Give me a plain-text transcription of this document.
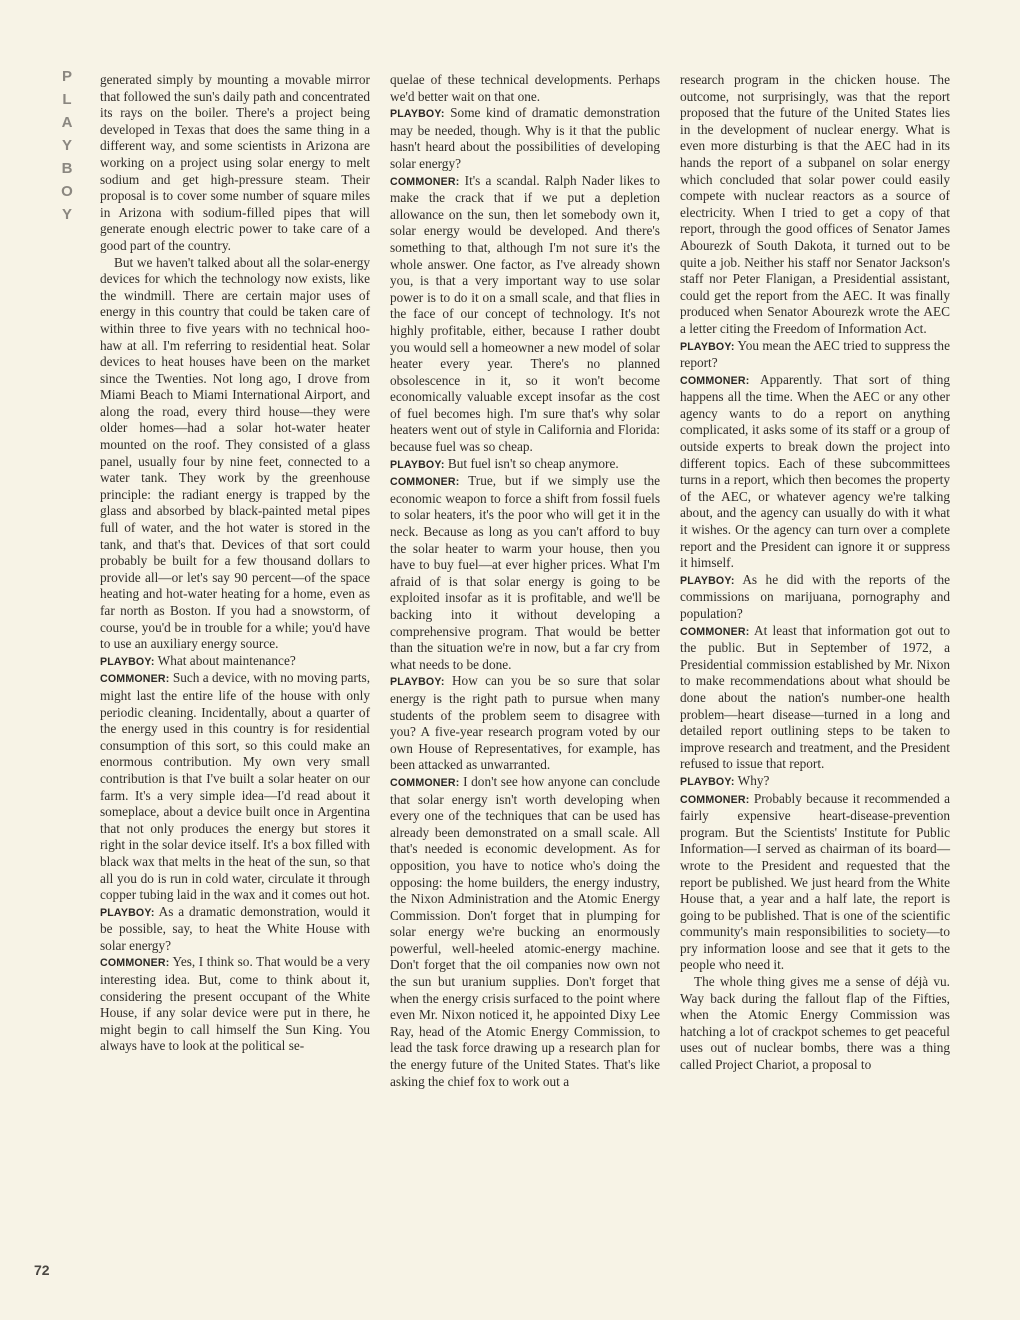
P
L
A
Y
B
O
Y

generated simply by mounting a movable mirror that followed the sun's daily path and concentrated its rays on the boiler. There's a project being developed in Texas that does the same thing in a different way, and some scientists in Arizona are working on a project using solar energy to melt sodium and get high-pressure steam. Their proposal is to cover some number of square miles in Arizona with sodium-filled pipes that will generate enough electric power to take care of a good part of the country.

But we haven't talked about all the solar-energy devices for which the technology now exists, like the windmill. There are certain major uses of energy in this country that could be taken care of within three to five years with no technical hoo-haw at all. I'm referring to residential heat. Solar devices to heat houses have been on the market since the Twenties. Not long ago, I drove from Miami Beach to Miami International Airport, and along the road, every third house—they were older homes—had a solar hot-water heater mounted on the roof. They consisted of a glass panel, usually four by nine feet, connected to a water tank. They work by the greenhouse principle: the radiant energy is trapped by the glass and absorbed by black-painted metal pipes full of water, and the hot water is stored in the tank, and that's that. Devices of that sort could probably be built for a few thousand dollars to provide all—or let's say 90 percent—of the space heating and hot-water heating for a home, even as far north as Boston. If you had a snowstorm, of course, you'd be in trouble for a while; you'd have to use an auxiliary energy source.

PLAYBOY: What about maintenance?

COMMONER: Such a device, with no moving parts, might last the entire life of the house with only periodic cleaning. Incidentally, about a quarter of the energy used in this country is for residential consumption of this sort, so this could make an enormous contribution. My own very small contribution is that I've built a solar heater on our farm. It's a very simple idea—I'd read about it someplace, about a device built once in Argentina that not only produces the energy but stores it right in the solar device itself. It's a box filled with black wax that melts in the heat of the sun, so that all you do is run in cold water, circulate it through copper tubing laid in the wax and it comes out hot.

PLAYBOY: As a dramatic demonstration, would it be possible, say, to heat the White House with solar energy?

COMMONER: Yes, I think so. That would be a very interesting idea. But, come to think about it, considering the present occupant of the White House, if any solar device were put in there, he might begin to call himself the Sun King. You always have to look at the political se-

quelae of these technical developments. Perhaps we'd better wait on that one.

PLAYBOY: Some kind of dramatic demonstration may be needed, though. Why is it that the public hasn't heard about the possibilities of developing solar energy?

COMMONER: It's a scandal. Ralph Nader likes to make the crack that if we put a depletion allowance on the sun, then let somebody own it, solar energy would be developed. And there's something to that, although I'm not sure it's the whole answer. One factor, as I've already shown you, is that a very important way to use solar power is to do it on a small scale, and that flies in the face of our concept of technology. It's not highly profitable, either, because I rather doubt you would sell a homeowner a new model of solar heater every year. There's no planned obsolescence in it, so it won't become economically valuable except insofar as the cost of fuel becomes high. I'm sure that's why solar heaters went out of style in California and Florida: because fuel was so cheap.

PLAYBOY: But fuel isn't so cheap anymore.

COMMONER: True, but if we simply use the economic weapon to force a shift from fossil fuels to solar heaters, it's the poor who will get it in the neck. Because as long as you can't afford to buy the solar heater to warm your house, then you have to buy fuel—at ever higher prices. What I'm afraid of is that solar energy is going to be exploited insofar as it is profitable, and we'll be backing into it without developing a comprehensive program. That would be better than the situation we're in now, but a far cry from what needs to be done.

PLAYBOY: How can you be so sure that solar energy is the right path to pursue when many students of the problem seem to disagree with you? A five-year research program voted by our own House of Representatives, for example, has been attacked as unwarranted.

COMMONER: I don't see how anyone can conclude that solar energy isn't worth developing when every one of the techniques that can be used has already been demonstrated on a small scale. All that's needed is economic development. As for opposition, you have to notice who's doing the opposing: the home builders, the energy industry, the Nixon Administration and the Atomic Energy Commission. Don't forget that in plumping for solar energy we're bucking an enormously powerful, well-heeled atomic-energy machine. Don't forget that the oil companies now own not the sun but uranium supplies. Don't forget that when the energy crisis surfaced to the point where even Mr. Nixon noticed it, he appointed Dixy Lee Ray, head of the Atomic Energy Commission, to lead the task force drawing up a research plan for the energy future of the United States. That's like asking the chief fox to work out a

research program in the chicken house. The outcome, not surprisingly, was that the report proposed that the future of the United States lies in the development of nuclear energy. What is even more disturbing is that the AEC had in its hands the report of a subpanel on solar energy which concluded that solar power could easily compete with nuclear reactors as a source of electricity. When I tried to get a copy of that report, through the good offices of Senator James Abourezk of South Dakota, it turned out to be quite a job. Neither his staff nor Senator Jackson's staff nor Peter Flanigan, a Presidential assistant, could get the report from the AEC. It was finally produced when Senator Abourezk wrote the AEC a letter citing the Freedom of Information Act.

PLAYBOY: You mean the AEC tried to suppress the report?

COMMONER: Apparently. That sort of thing happens all the time. When the AEC or any other agency wants to do a report on anything complicated, it asks some of its staff or a group of outside experts to break down the project into different topics. Each of these subcommittees turns in a report, which then becomes the property of the AEC, or whatever agency we're talking about, and the agency can usually do with it what it wishes. Or the agency can turn over a complete report and the President can ignore it or suppress it himself.

PLAYBOY: As he did with the reports of the commissions on marijuana, pornography and population?

COMMONER: At least that information got out to the public. But in September of 1972, a Presidential commission established by Mr. Nixon to make recommendations about what should be done about the nation's number-one health problem—heart disease—turned in a long and detailed report outlining steps to be taken to improve research and treatment, and the President refused to issue that report.

PLAYBOY: Why?

COMMONER: Probably because it recommended a fairly expensive heart-disease-prevention program. But the Scientists' Institute for Public Information—I served as chairman of its board—wrote to the President and requested that the report be published. We just heard from the White House that, a year and a half late, the report is going to be published. That is one of the scientific community's main responsibilities to society—to pry information loose and see that it gets to the people who need it.

The whole thing gives me a sense of déjà vu. Way back during the fallout flap of the Fifties, when the Atomic Energy Commission was hatching a lot of crackpot schemes to get peaceful uses out of nuclear bombs, there was a thing called Project Chariot, a proposal to

72
